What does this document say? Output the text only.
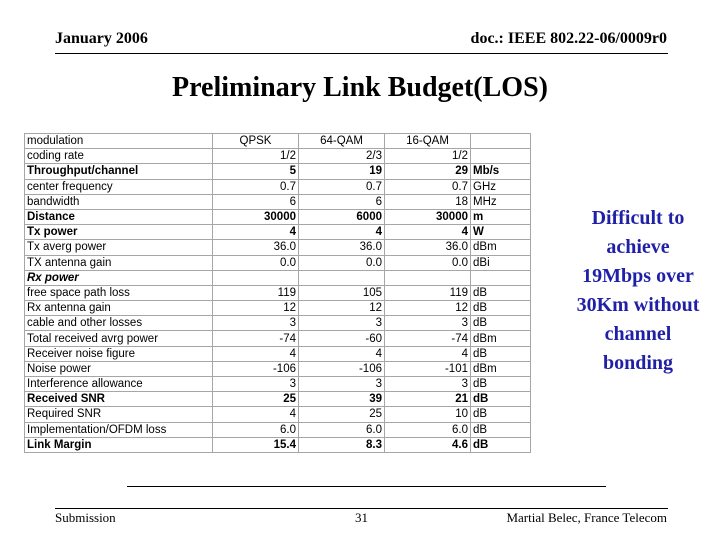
January 2006	doc.: IEEE 802.22-06/0009r0
Preliminary Link Budget(LOS)
modulation	QPSK	64-QAM	16-QAM	
coding rate	1/2	2/3	1/2	
Throughput/channel	5	19	29	Mb/s
center frequency	0.7	0.7	0.7	GHz
bandwidth	6	6	18	MHz
Distance	30000	6000	30000	m
Tx power	4	4	4	W
Tx averg power	36.0	36.0	36.0	dBm
TX antenna gain	0.0	0.0	0.0	dBi
Rx power				
free space path loss	119	105	119	dB
Rx antenna gain	12	12	12	dB
cable and other losses	3	3	3	dB
Total received avrg power	-74	-60	-74	dBm
Receiver noise figure	4	4	4	dB
Noise power	-106	-106	-101	dBm
Interference allowance	3	3	3	dB
Received SNR	25	39	21	dB
Required SNR	4	25	10	dB
Implementation/OFDM loss	6.0	6.0	6.0	dB
Link Margin	15.4	8.3	4.6	dB
Difficult to
achieve
19Mbps over
30Km without
channel
bonding
Submission	31	Martial Belec, France Telecom
